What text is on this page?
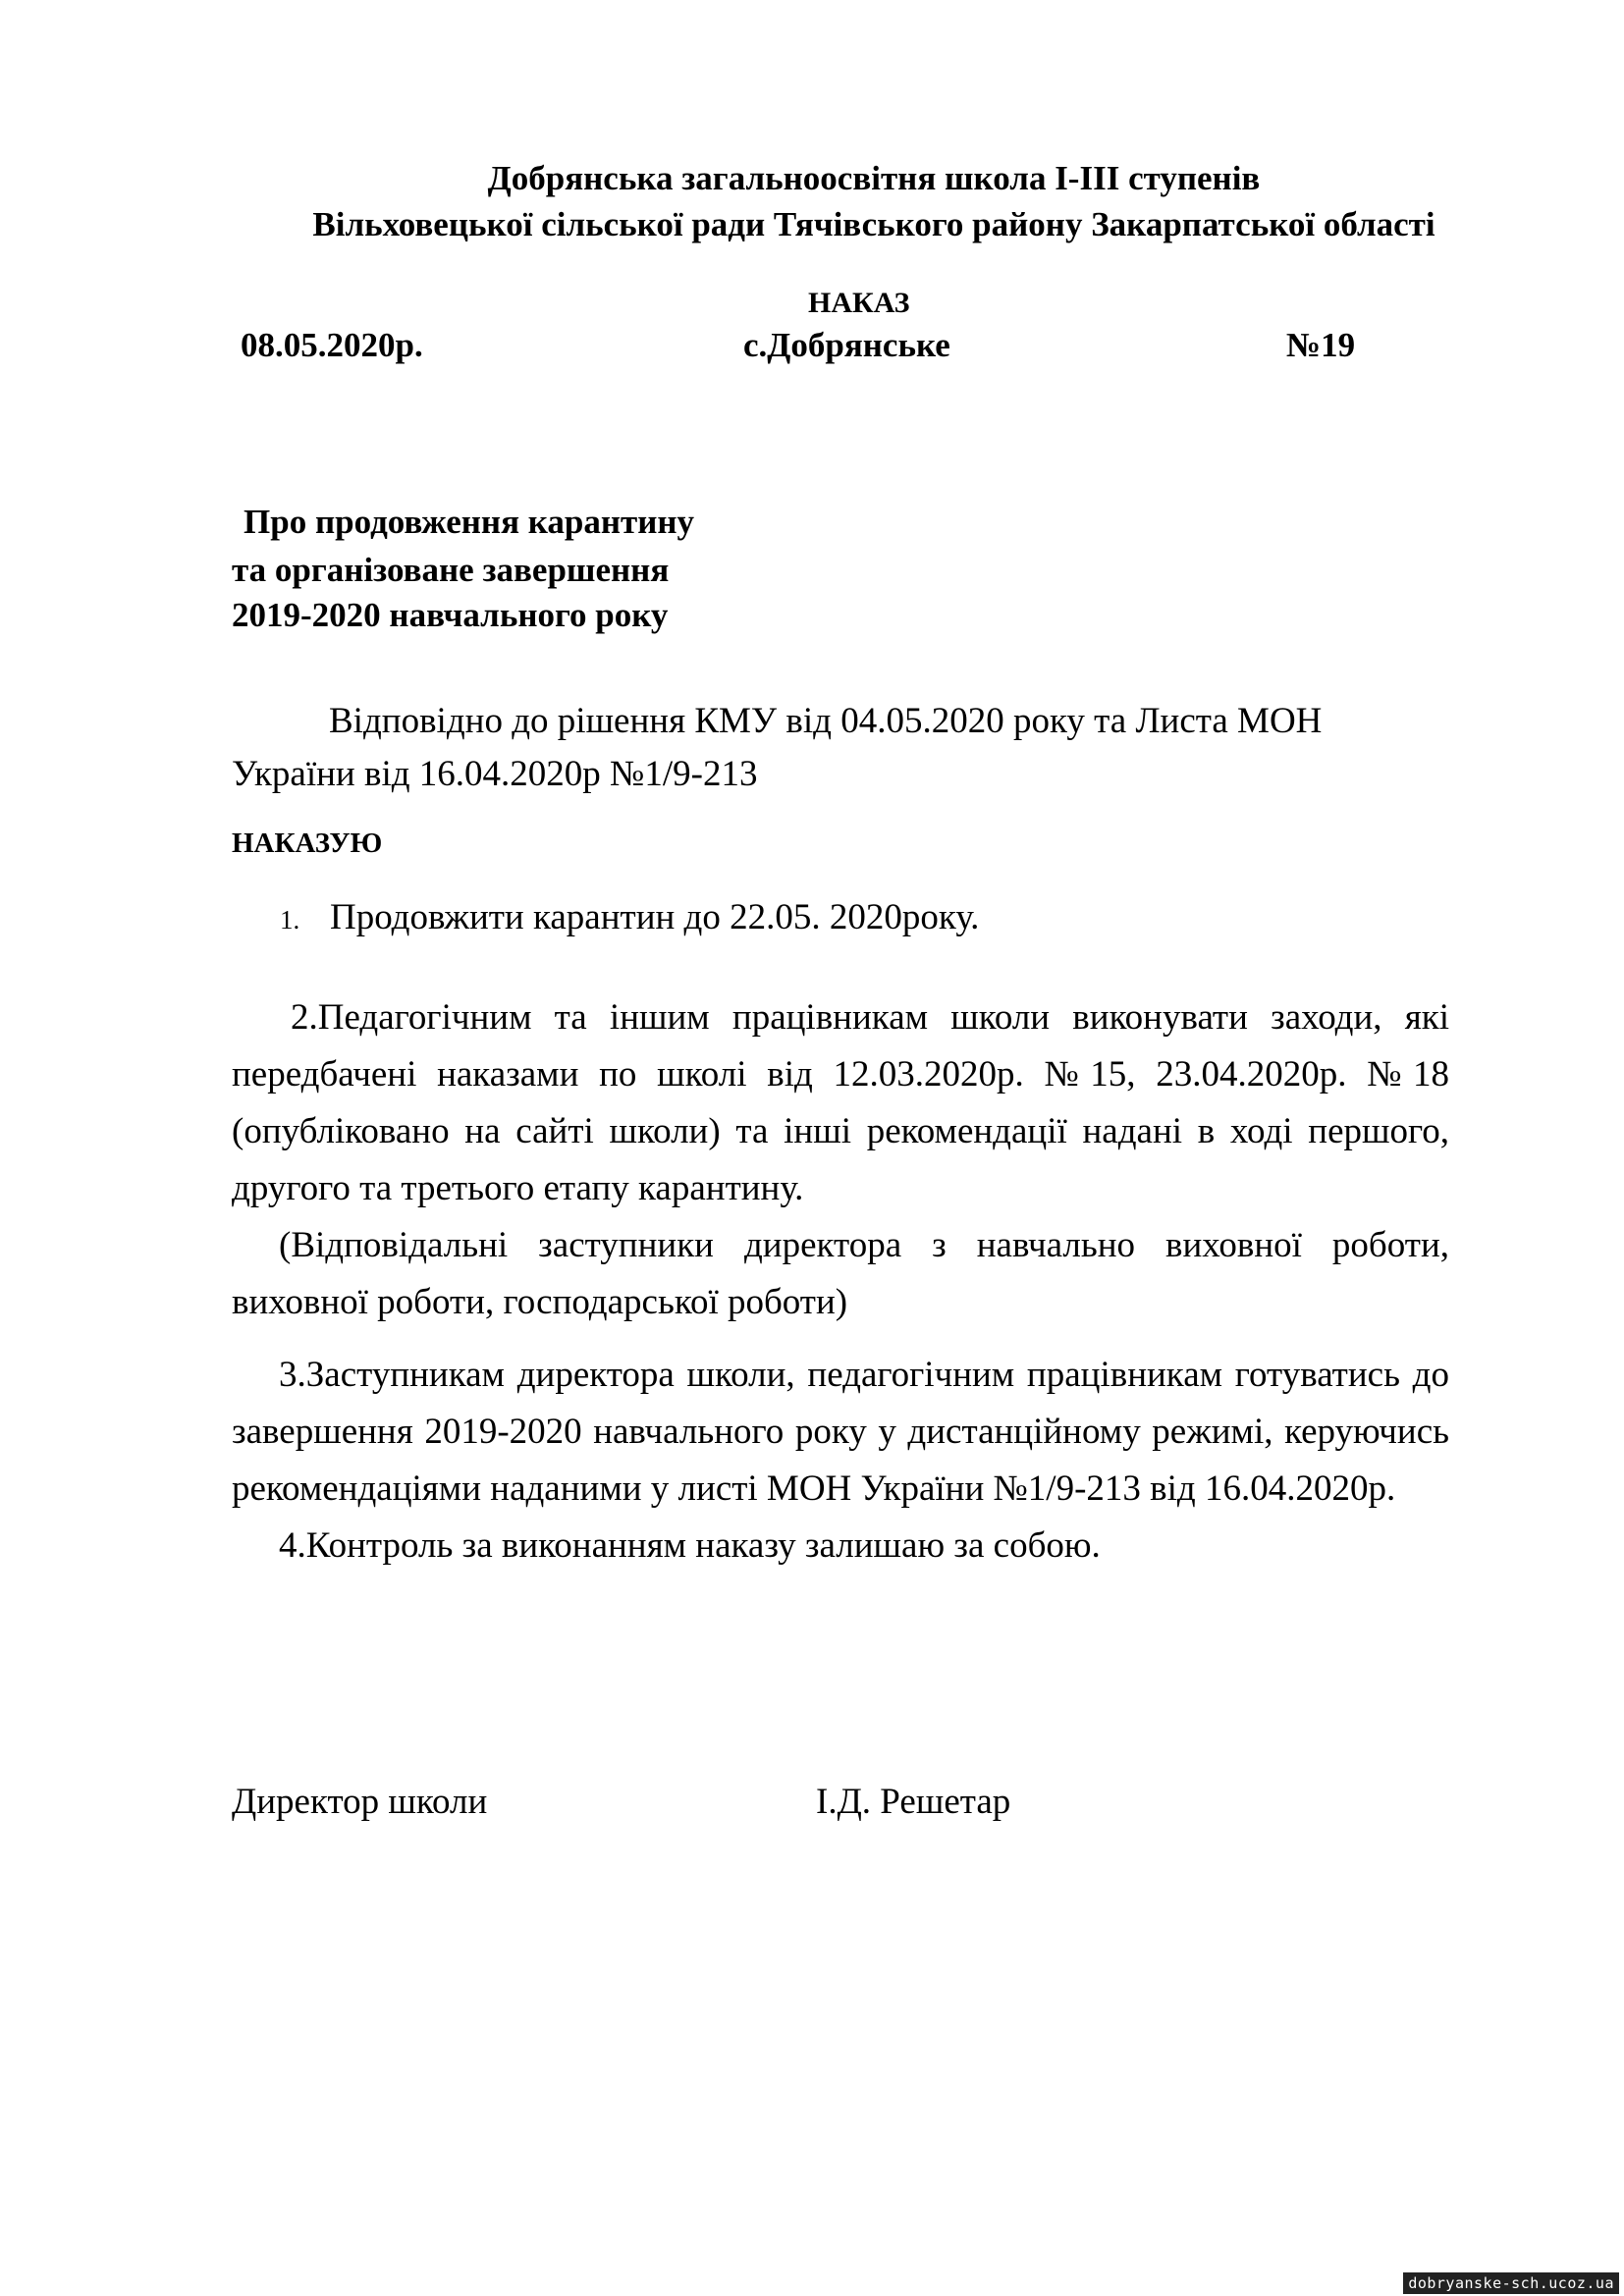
Добрянська загальноосвітня школа І-ІІІ ступенів
Вільховецької сільської ради Тячівського району Закарпатської області
НАКАЗ
08.05.2020р.	с.Добрянське	№19
Про продовження карантину
та організоване завершення
2019-2020 навчального року
Відповідно до рішення КМУ від 04.05.2020 року та Листа МОН
України від 16.04.2020р №1/9-213
НАКАЗУЮ
1. Продовжити карантин до 22.05. 2020року.
2.Педагогічним та іншим працівникам школи виконувати заходи, які передбачені наказами по школі від 12.03.2020р. №15, 23.04.2020р. №18 (опубліковано на сайті школи) та інші рекомендації надані в ході першого, другого та третього етапу карантину.
(Відповідальні заступники директора з навчально виховної роботи, виховної роботи, господарської роботи)
3.Заступникам директора школи, педагогічним працівникам готуватись до завершення 2019-2020 навчального року у дистанційному режимі, керуючись рекомендаціями наданими у листі МОН України №1/9-213 від 16.04.2020р.
4.Контроль за виконанням наказу залишаю за собою.
Директор школи	І.Д. Решетар
dobryanske-sch.ucoz.ua
